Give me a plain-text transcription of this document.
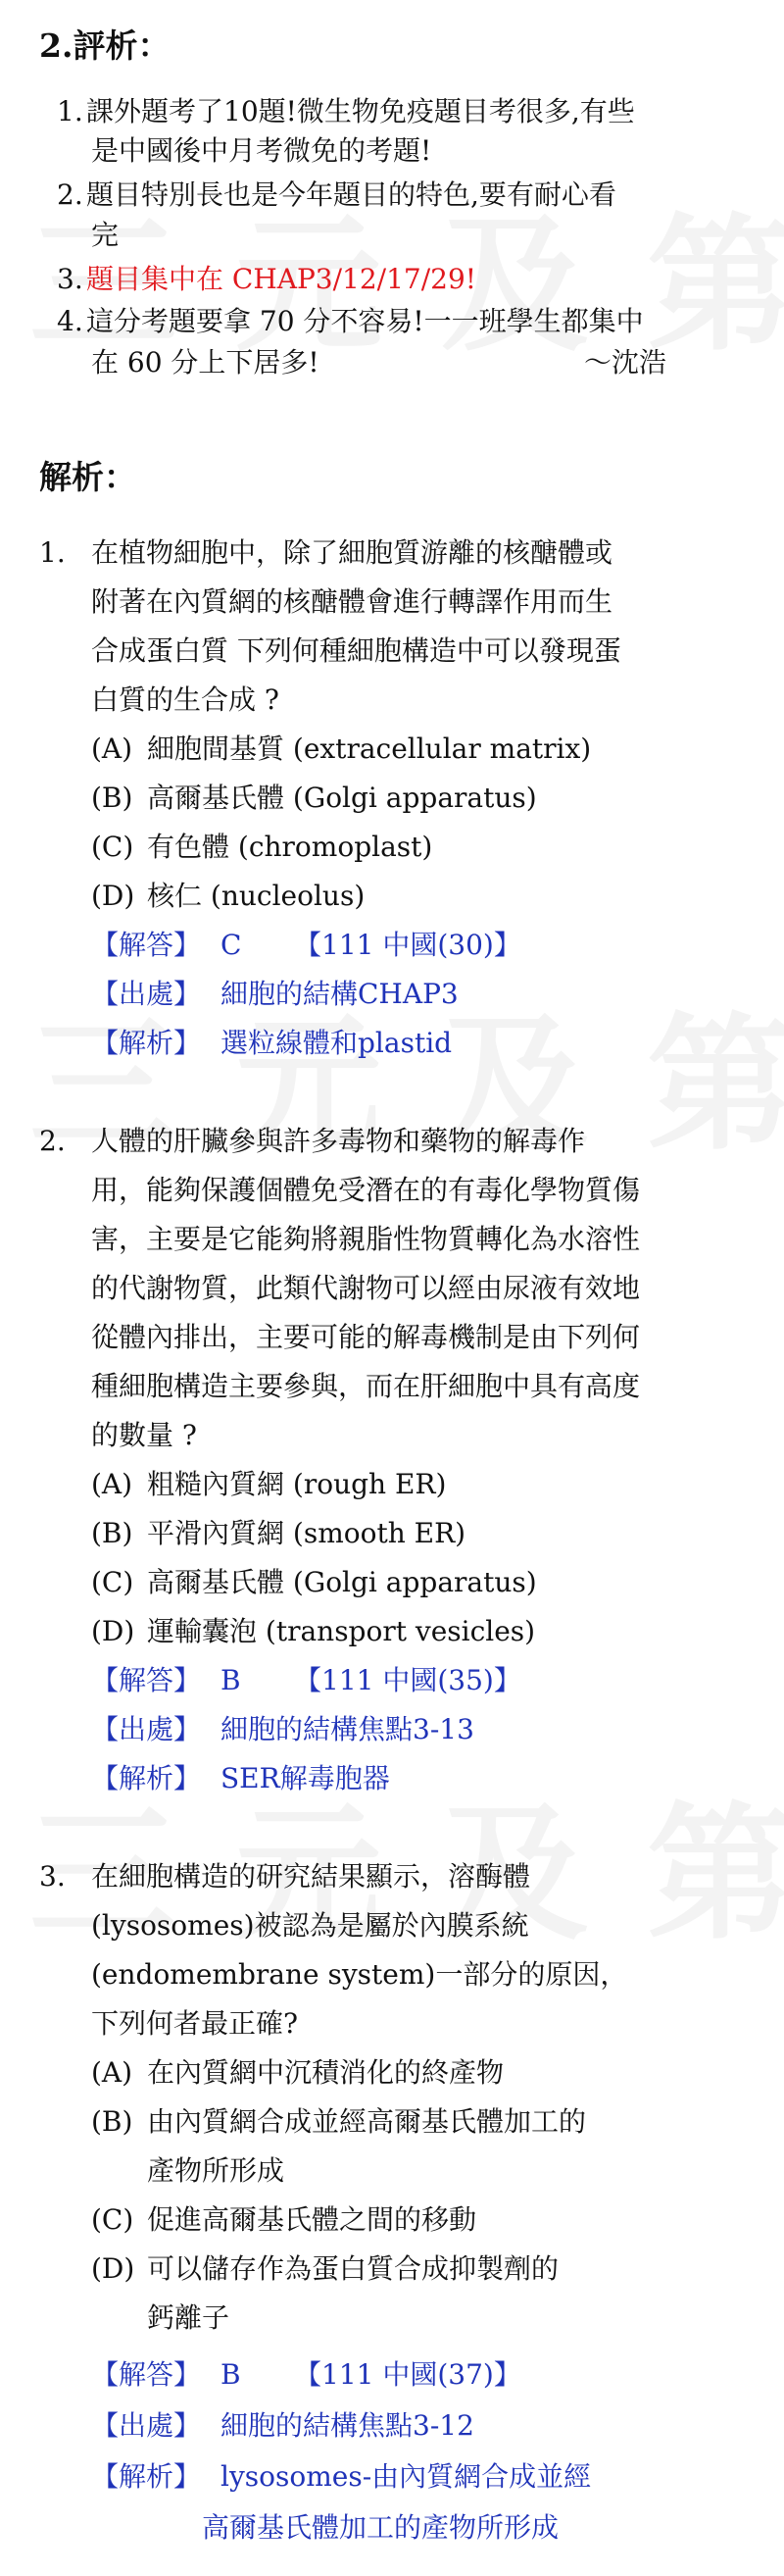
2.評析：
1. 課外題考了10題!微生物免疫題目考很多,有些
是中國後中月考微免的考題!
2. 題目特別長也是今年題目的特色,要有耐心看
完
3. 題目集中在 CHAP3/12/17/29!
4. 這分考題要拿 70 分不容易!一一班學生都集中
在 60 分上下居多!	～沈浩
解析：
1. 在植物細胞中，除了細胞質游離的核醣體或
附著在內質網的核醣體會進行轉譯作用而生
合成蛋白質 下列何種細胞構造中可以發現蛋
白質的生合成 ?
(A) 細胞間基質 (extracellular matrix)
(B) 高爾基氏體 (Golgi apparatus)
(C) 有色體 (chromoplast)
(D) 核仁 (nucleolus)
【解答】 C 【111 中國(30)】
【出處】 細胞的結構CHAP3
【解析】 選粒線體和plastid
2. 人體的肝臟參與許多毒物和藥物的解毒作
用，能夠保護個體免受潛在的有毒化學物質傷
害，主要是它能夠將親脂性物質轉化為水溶性
的代謝物質，此類代謝物可以經由尿液有效地
從體內排出，主要可能的解毒機制是由下列何
種細胞構造主要參與，而在肝細胞中具有高度
的數量 ?
(A) 粗糙內質網 (rough ER)
(B) 平滑內質網 (smooth ER)
(C) 高爾基氏體 (Golgi apparatus)
(D) 運輸囊泡 (transport vesicles)
【解答】 B 【111 中國(35)】
【出處】 細胞的結構焦點3-13
【解析】 SER解毒胞器
3. 在細胞構造的研究結果顯示，溶酶體
(lysosomes)被認為是屬於內膜系統
(endomembrane system)一部分的原因，
下列何者最正確?
(A) 在內質網中沉積消化的終產物
(B) 由內質網合成並經高爾基氏體加工的
產物所形成
(C) 促進高爾基氏體之間的移動
(D) 可以儲存作為蛋白質合成抑製劑的
鈣離子
【解答】 B 【111 中國(37)】
【出處】 細胞的結構焦點3-12
【解析】 lysosomes-由內質網合成並經
高爾基氏體加工的產物所形成
